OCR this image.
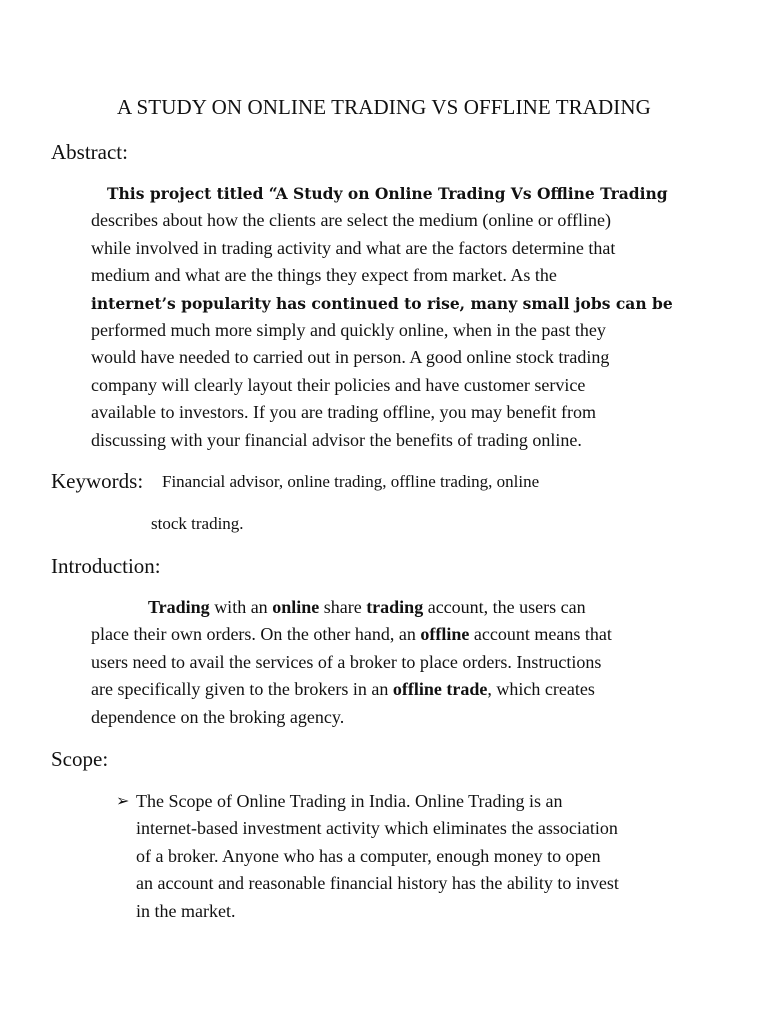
A STUDY ON ONLINE TRADING VS OFFLINE TRADING
Abstract:
This project titled “A Study on Online Trading Vs Offline Trading
describes about how the clients are select the medium (online or offline)
while involved in trading activity and what are the factors determine that
medium and what are the things they expect from market. As the
internet’s popularity has continued to rise, many small jobs can be
performed much more simply and quickly online, when in the past they
would have needed to carried out in person. A good online stock trading
company will clearly layout their policies and have customer service
available to investors. If you are trading offline, you may benefit from
discussing with your financial advisor the benefits of trading online.
Keywords: Financial advisor, online trading, offline trading, online
stock trading.
Introduction:
Trading with an online share trading account, the users can
place their own orders. On the other hand, an offline account means that
users need to avail the services of a broker to place orders. Instructions
are specifically given to the brokers in an offline trade, which creates
dependence on the broking agency.
Scope:
➢ The Scope of Online Trading in India. Online Trading is an
internet-based investment activity which eliminates the association
of a broker. Anyone who has a computer, enough money to open
an account and reasonable financial history has the ability to invest
in the market.
